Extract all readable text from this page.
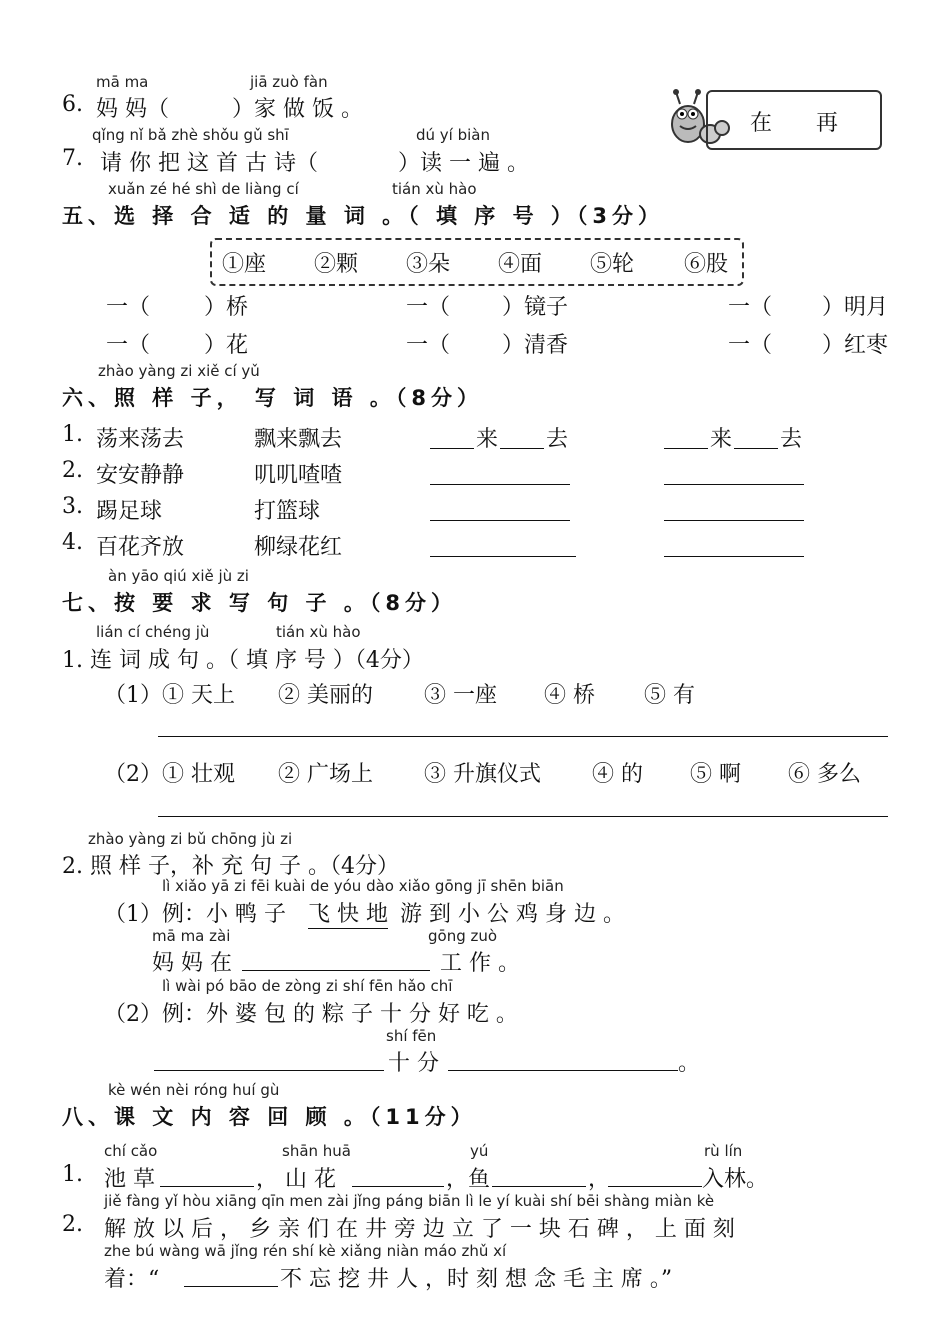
mā ma	jiā zuò fàn
6. 妈 妈（	）家 做 饭 。
qǐng nǐ bǎ zhè shǒu gǔ shī	dú yí biàn
7. 请 你 把 这 首 古 诗（	）读 一 遍 。
在　　再
xuǎn zé hé shì de liàng cí	tián xù hào
五、选 择 合 适 的 量 词 。（ 填 序 号 ）（3分）
①座 ②颗 ③朵 ④面 ⑤轮 ⑥股
一（ ）桥	一（ ）镜子	一（ ）明月
一（ ）花	一（ ）清香	一（ ）红枣
zhào yàng zi xiě cí yǔ
六、照 样 子， 写 词 语 。（8分）
1. 荡来荡去	飘来飘去	来 去	来 去
2. 安安静静	叽叽喳喳
3. 踢足球	打篮球
4. 百花齐放	柳绿花红
àn yāo qiú xiě jù zi
七、按 要 求 写 句 子 。（8分）
lián cí chéng jù	tián xù hào
1. 连 词 成 句 。（ 填 序 号 ）（4分）
（1）① 天上 ② 美丽的 ③ 一座 ④ 桥 ⑤ 有
（2）① 壮观 ② 广场上 ③ 升旗仪式 ④ 的 ⑤ 啊 ⑥ 多么
zhào yàng zi bǔ chōng jù zi
2. 照 样 子，补 充 句 子 。（4分）
lì xiǎo yā zi fēi kuài de yóu dào xiǎo gōng jī shēn biān
（1）例：小 鸭 子 飞 快 地 游 到 小 公 鸡 身 边 。
mā ma zài	gōng zuò
妈 妈 在	工 作 。
lì wài pó bāo de zòng zi shí fēn hǎo chī
（2）例：外 婆 包 的 粽 子 十 分 好 吃 。
shí fēn
十 分	。
kè wén nèi róng huí gù
八、课 文 内 容 回 顾 。（11分）
chí cǎo	shān huā	yú	rù lín
1. 池 草	， 山 花	，鱼	，	入林。
jiě fàng yǐ hòu xiāng qīn men zài jǐng páng biān lì le yí kuài shí bēi shàng miàn kè
2. 解 放 以 后 ， 乡 亲 们 在 井 旁 边 立 了 一 块 石 碑 ， 上 面 刻
zhe bú wàng wā jǐng rén shí kè xiǎng niàn máo zhǔ xí
着：“	不 忘 挖 井 人 ，时 刻 想 念 毛 主 席 。”
